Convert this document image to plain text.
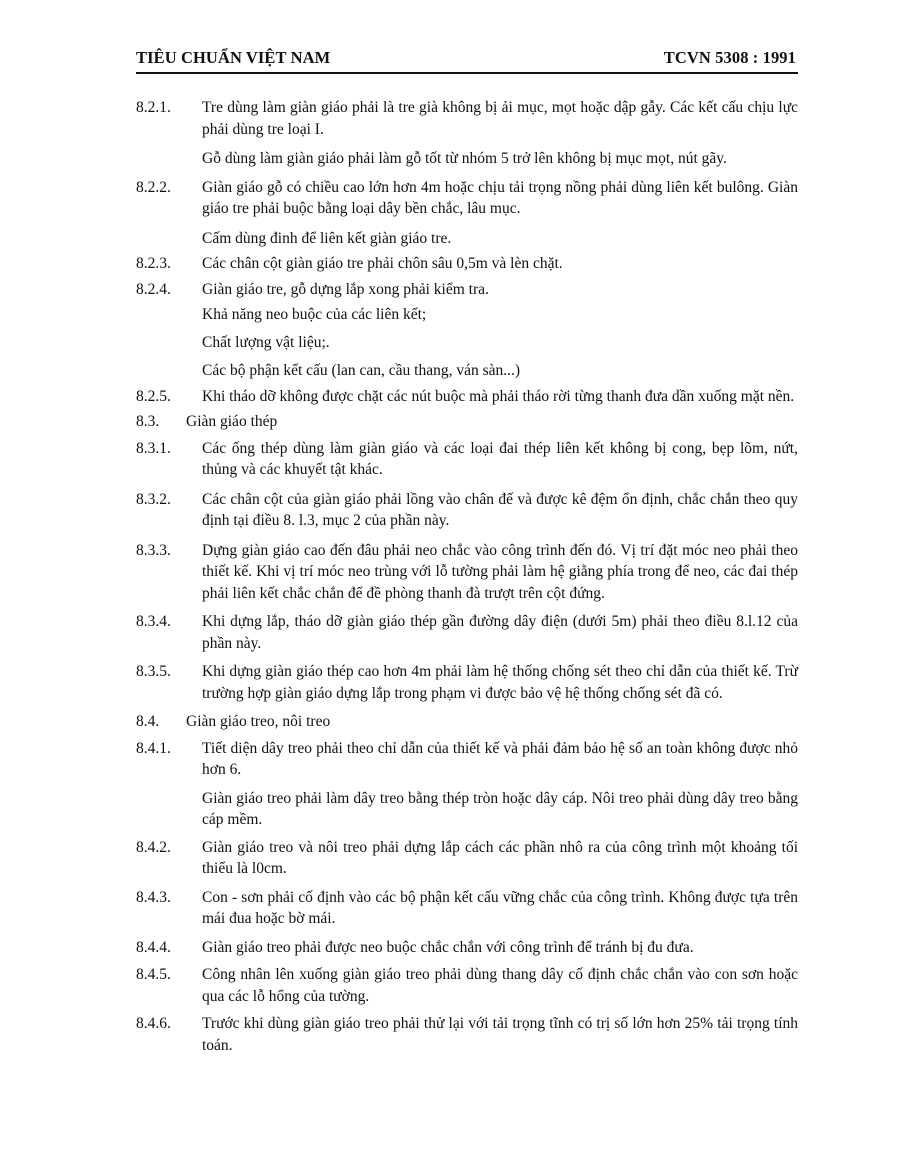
TIÊU CHUẨN VIỆT NAM	TCVN 5308 : 1991
8.2.1. Tre dùng làm giàn giáo phải là tre già không bị ải mục, mọt hoặc dập gẫy. Các kết cấu chịu lực phải dùng tre loại I.
Gỗ dùng làm giàn giáo phải làm gỗ tốt từ nhóm 5 trở lên không bị mục mọt, nút gãy.
8.2.2. Giàn giáo gỗ có chiều cao lớn hơn 4m hoặc chịu tải trọng nồng phải dùng liên kết bulông. Giàn giáo tre phải buộc bằng loại dây bền chắc, lâu mục.
Cấm dùng đinh để liên kết giàn giáo tre.
8.2.3. Các chân cột giàn giáo tre phải chôn sâu 0,5m và lèn chặt.
8.2.4. Giàn giáo tre, gỗ dựng lắp xong phải kiểm tra.
Khả năng neo buộc của các liên kết;
Chất lượng vật liệu;.
Các bộ phận kết cấu (lan can, cầu thang, ván sàn...)
8.2.5. Khi tháo dỡ không được chặt các nút buộc mà phải tháo rời từng thanh đưa dần xuống mặt nền.
8.3. Giàn giáo thép
8.3.1. Các ống thép dùng làm giàn giáo và các loại đai thép liên kết không bị cong, bẹp lõm, nứt, thủng và các khuyết tật khác.
8.3.2. Các chân cột của giàn giáo phải lồng vào chân đế và được kê đệm ổn định, chắc chắn theo quy định tại điều 8. l.3, mục 2 của phần này.
8.3.3. Dựng giàn giáo cao đến đâu phải neo chắc vào công trình đến đó. Vị trí đặt móc neo phải theo thiết kế. Khi vị trí móc neo trùng với lỗ tường phải làm hệ giằng phía trong để neo, các đai thép phải liên kết chắc chắn để đề phòng thanh đà trượt trên cột đứng.
8.3.4. Khi dựng lắp, tháo dỡ giàn giáo thép gần đường dây điện (dưới 5m) phải theo điều 8.l.12 của phần này.
8.3.5. Khi dựng giàn giáo thép cao hơn 4m phải làm hệ thống chống sét theo chỉ dẫn của thiết kế. Trừ trường hợp giàn giáo dựng lắp trong phạm vi được bảo vệ hệ thống chống sét đã có.
8.4. Giàn giáo treo, nôi treo
8.4.1. Tiết diện dây treo phải theo chỉ dẫn của thiết kế và phải đảm bảo hệ số an toàn không được nhỏ hơn 6.
Giàn giáo treo phải làm dây treo bằng thép tròn hoặc dây cáp. Nôi treo phải dùng dây treo bằng cáp mềm.
8.4.2. Giàn giáo treo và nôi treo phải dựng lắp cách các phần nhô ra của công trình một khoảng tối thiểu là l0cm.
8.4.3. Con - sơn phải cố định vào các bộ phận kết cấu vững chắc của công trình. Không được tựa trên mái đua hoặc bờ mái.
8.4.4. Giàn giáo treo phải được neo buộc chắc chắn với công trình để tránh bị đu đưa.
8.4.5. Công nhân lên xuống giàn giáo treo phải dùng thang dây cố định chắc chắn vào con sơn hoặc qua các lỗ hổng của tường.
8.4.6. Trước khi dùng giàn giáo treo phải thử lại với tải trọng tĩnh có trị số lớn hơn 25% tải trọng tính toán.
